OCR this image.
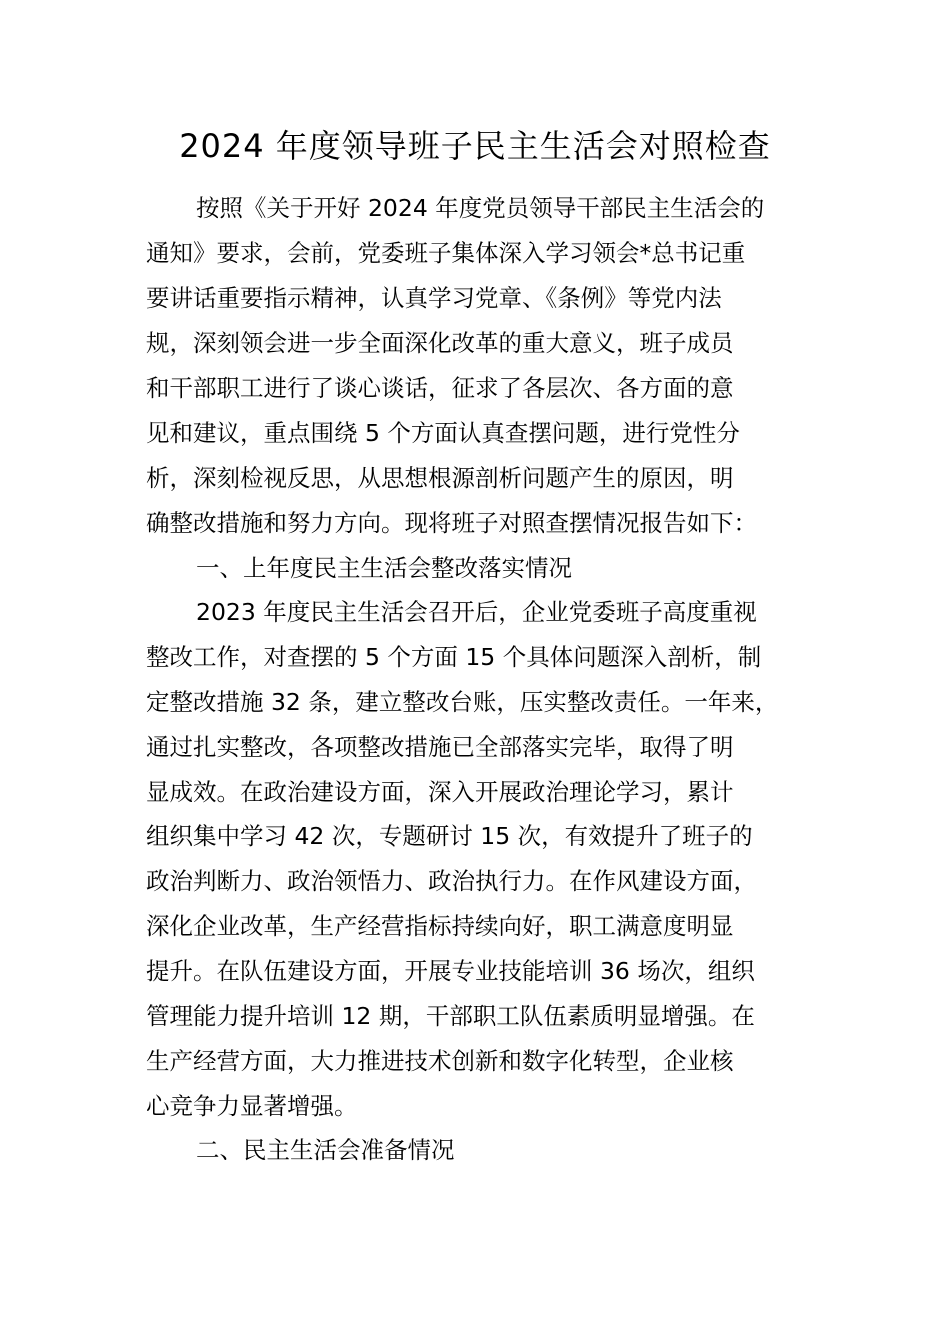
2024 年度领导班子民主生活会对照检查
按照《关于开好 2024 年度党员领导干部民主生活会的
通知》要求，会前，党委班子集体深入学习领会*总书记重
要讲话重要指示精神，认真学习党章、《条例》等党内法
规，深刻领会进一步全面深化改革的重大意义，班子成员
和干部职工进行了谈心谈话，征求了各层次、各方面的意
见和建议，重点围绕 5 个方面认真查摆问题，进行党性分
析，深刻检视反思，从思想根源剖析问题产生的原因，明
确整改措施和努力方向。现将班子对照查摆情况报告如下：
一、上年度民主生活会整改落实情况
2023 年度民主生活会召开后，企业党委班子高度重视
整改工作，对查摆的 5 个方面 15 个具体问题深入剖析，制
定整改措施 32 条，建立整改台账，压实整改责任。一年来，
通过扎实整改，各项整改措施已全部落实完毕，取得了明
显成效。在政治建设方面，深入开展政治理论学习，累计
组织集中学习 42 次，专题研讨 15 次，有效提升了班子的
政治判断力、政治领悟力、政治执行力。在作风建设方面，
深化企业改革，生产经营指标持续向好，职工满意度明显
提升。在队伍建设方面，开展专业技能培训 36 场次，组织
管理能力提升培训 12 期，干部职工队伍素质明显增强。在
生产经营方面，大力推进技术创新和数字化转型，企业核
心竞争力显著增强。
二、民主生活会准备情况
